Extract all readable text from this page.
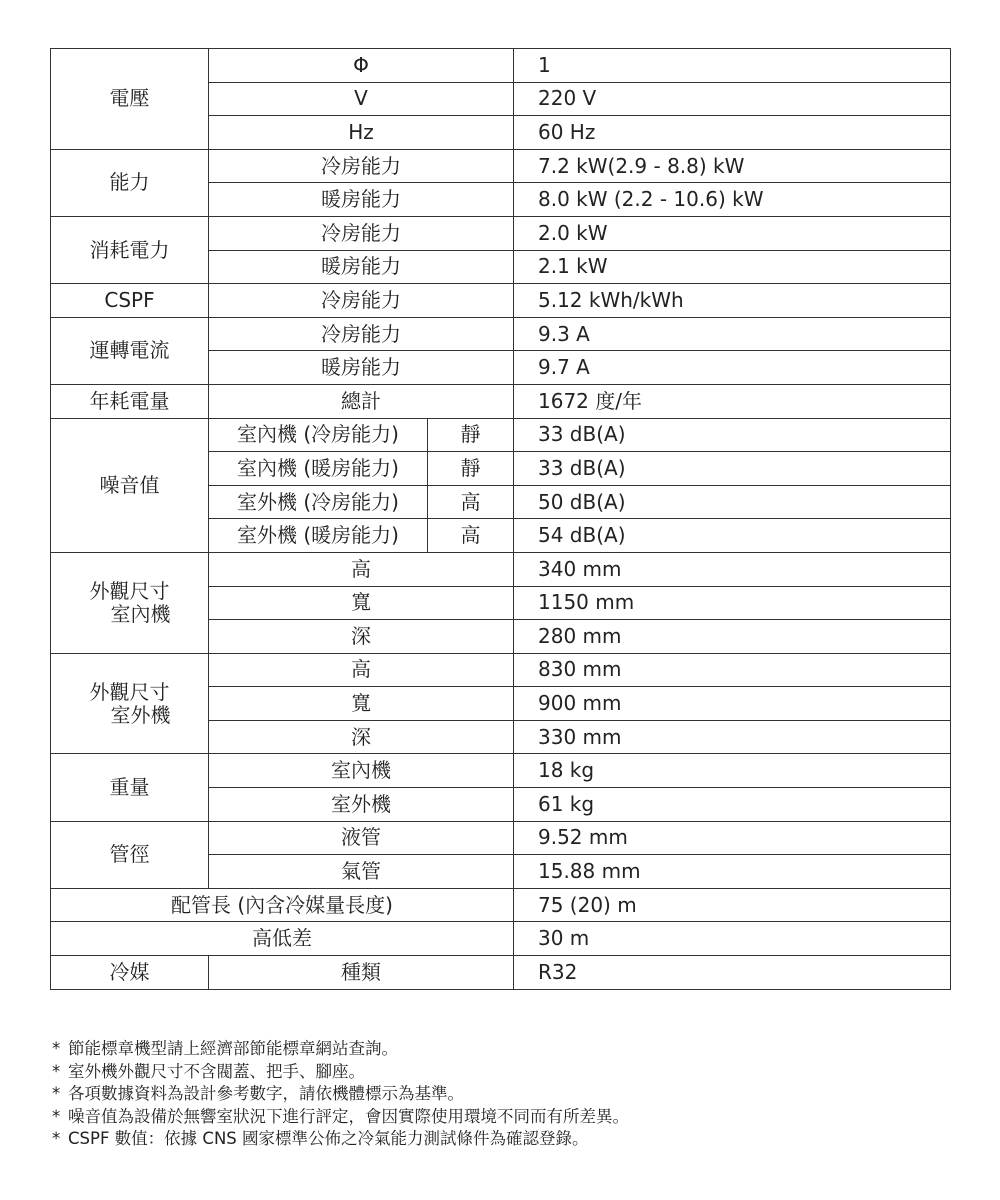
電壓	Φ		1
	V		220 V
	Hz		60 Hz
能力	冷房能力		7.2 kW(2.9 - 8.8) kW
	暖房能力		8.0 kW (2.2 - 10.6) kW
消耗電力	冷房能力		2.0 kW
	暖房能力		2.1 kW
CSPF	冷房能力		5.12 kWh/kWh
運轉電流	冷房能力		9.3 A
	暖房能力		9.7 A
年耗電量	總計		1672 度/年
噪音值	室內機 (冷房能力)	靜	33 dB(A)
	室內機 (暖房能力)	靜	33 dB(A)
	室外機 (冷房能力)	高	50 dB(A)
	室外機 (暖房能力)	高	54 dB(A)

外觀尺寸
室內機	高		340 mm
	寬		1150 mm
	深		280 mm

外觀尺寸
室外機	高		830 mm
	寬		900 mm
	深		330 mm
重量	室內機		18 kg
	室外機		61 kg
管徑	液管		9.52 mm
	氣管		15.88 mm
配管長 (內含冷媒量長度)			75 (20) m
高低差			30 m
冷媒	種類		R32
* 節能標章機型請上經濟部節能標章網站查詢。
* 室外機外觀尺寸不含閥蓋、把手、腳座。
* 各項數據資料為設計參考數字，請依機體標示為基準。
* 噪音值為設備於無響室狀況下進行評定，會因實際使用環境不同而有所差異。
* CSPF 數值：依據 CNS 國家標準公佈之冷氣能力測試條件為確認登錄。
